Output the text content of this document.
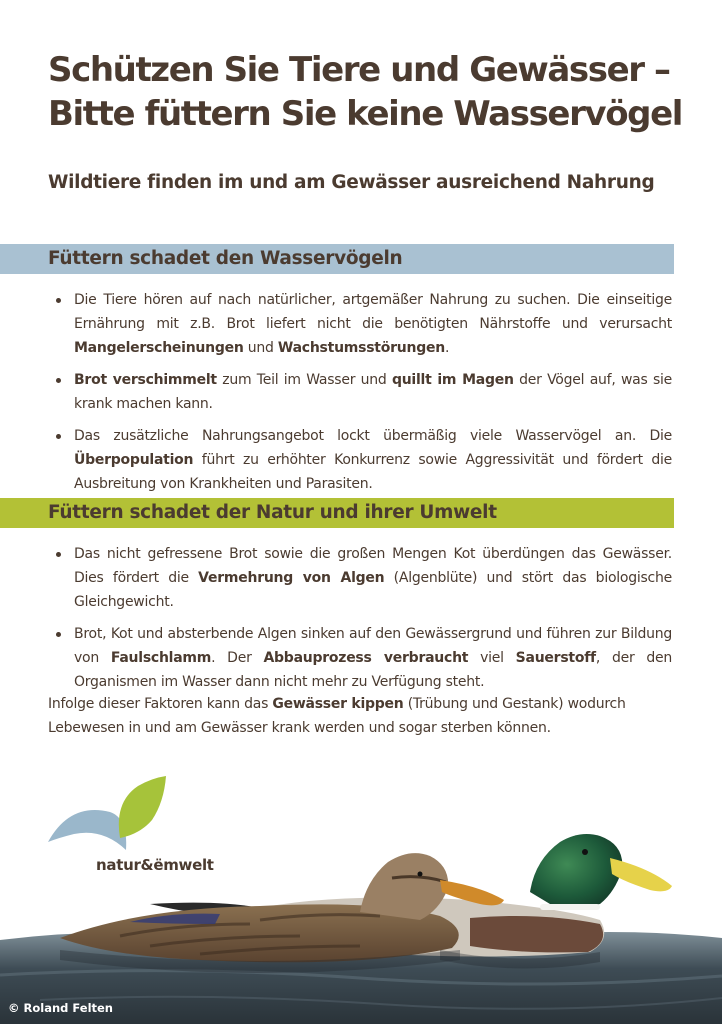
Schützen Sie Tiere und Gewässer –
Bitte füttern Sie keine Wasservögel
Wildtiere finden im und am Gewässer ausreichend Nahrung
Füttern schadet den Wasservögeln
Die Tiere hören auf nach natürlicher, artgemäßer Nahrung zu suchen. Die einseitige Ernährung mit z.B. Brot liefert nicht die benötigten Nährstoffe und verursacht Mangelerscheinungen und Wachstumsstörungen.
Brot verschimmelt zum Teil im Wasser und quillt im Magen der Vögel auf, was sie krank machen kann.
Das zusätzliche Nahrungsangebot lockt übermäßig viele Wasservögel an. Die Überpopulation führt zu erhöhter Konkurrenz sowie Aggressivität und fördert die Ausbreitung von Krankheiten und Parasiten.
Füttern schadet der Natur und ihrer Umwelt
Das nicht gefressene Brot sowie die großen Mengen Kot überdüngen das Gewässer. Dies fördert die Vermehrung von Algen (Algenblüte) und stört das biologische Gleichgewicht.
Brot, Kot und absterbende Algen sinken auf den Gewässergrund und führen zur Bildung von Faulschlamm. Der Abbauprozess verbraucht viel Sauerstoff, der den Organismen im Wasser dann nicht mehr zu Verfügung steht.

Infolge dieser Faktoren kann das Gewässer kippen (Trübung und Gestank) wodurch Lebewesen in und am Gewässer krank werden und sogar sterben können.

natur&ëmwelt
© Roland Felten
